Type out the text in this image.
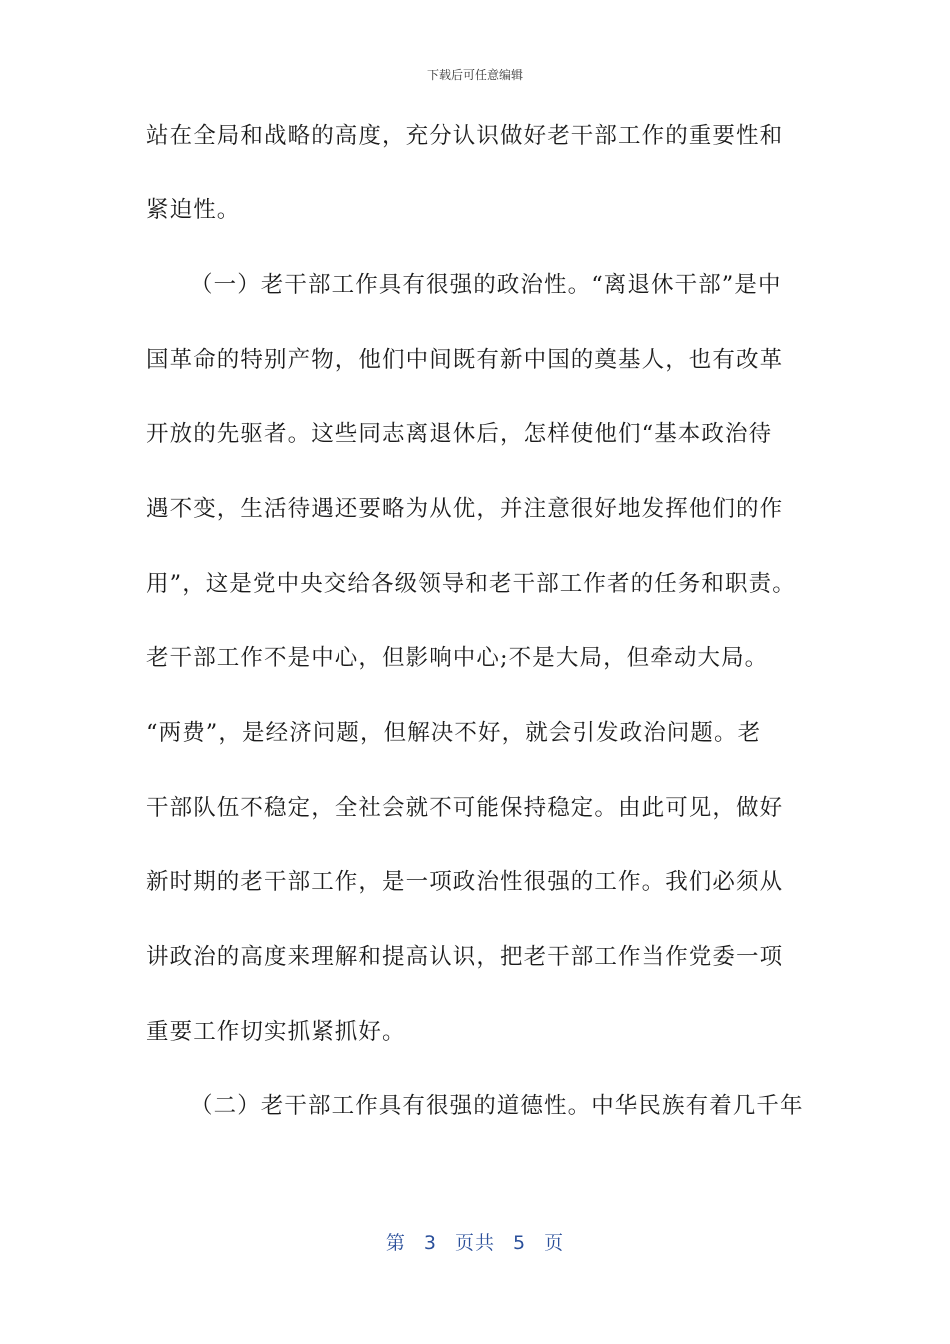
下载后可任意编辑
站在全局和战略的高度，充分认识做好老干部工作的重要性和
紧迫性。
（一）老干部工作具有很强的政治性。“离退休干部”是中
国革命的特别产物，他们中间既有新中国的奠基人，也有改革
开放的先驱者。这些同志离退休后，怎样使他们“基本政治待
遇不变，生活待遇还要略为从优，并注意很好地发挥他们的作
用”，这是党中央交给各级领导和老干部工作者的任务和职责。
老干部工作不是中心，但影响中心;不是大局，但牵动大局。
“两费”，是经济问题，但解决不好，就会引发政治问题。老
干部队伍不稳定，全社会就不可能保持稳定。由此可见，做好
新时期的老干部工作，是一项政治性很强的工作。我们必须从
讲政治的高度来理解和提高认识，把老干部工作当作党委一项
重要工作切实抓紧抓好。
（二）老干部工作具有很强的道德性。中华民族有着几千年
第 3 页共 5 页
